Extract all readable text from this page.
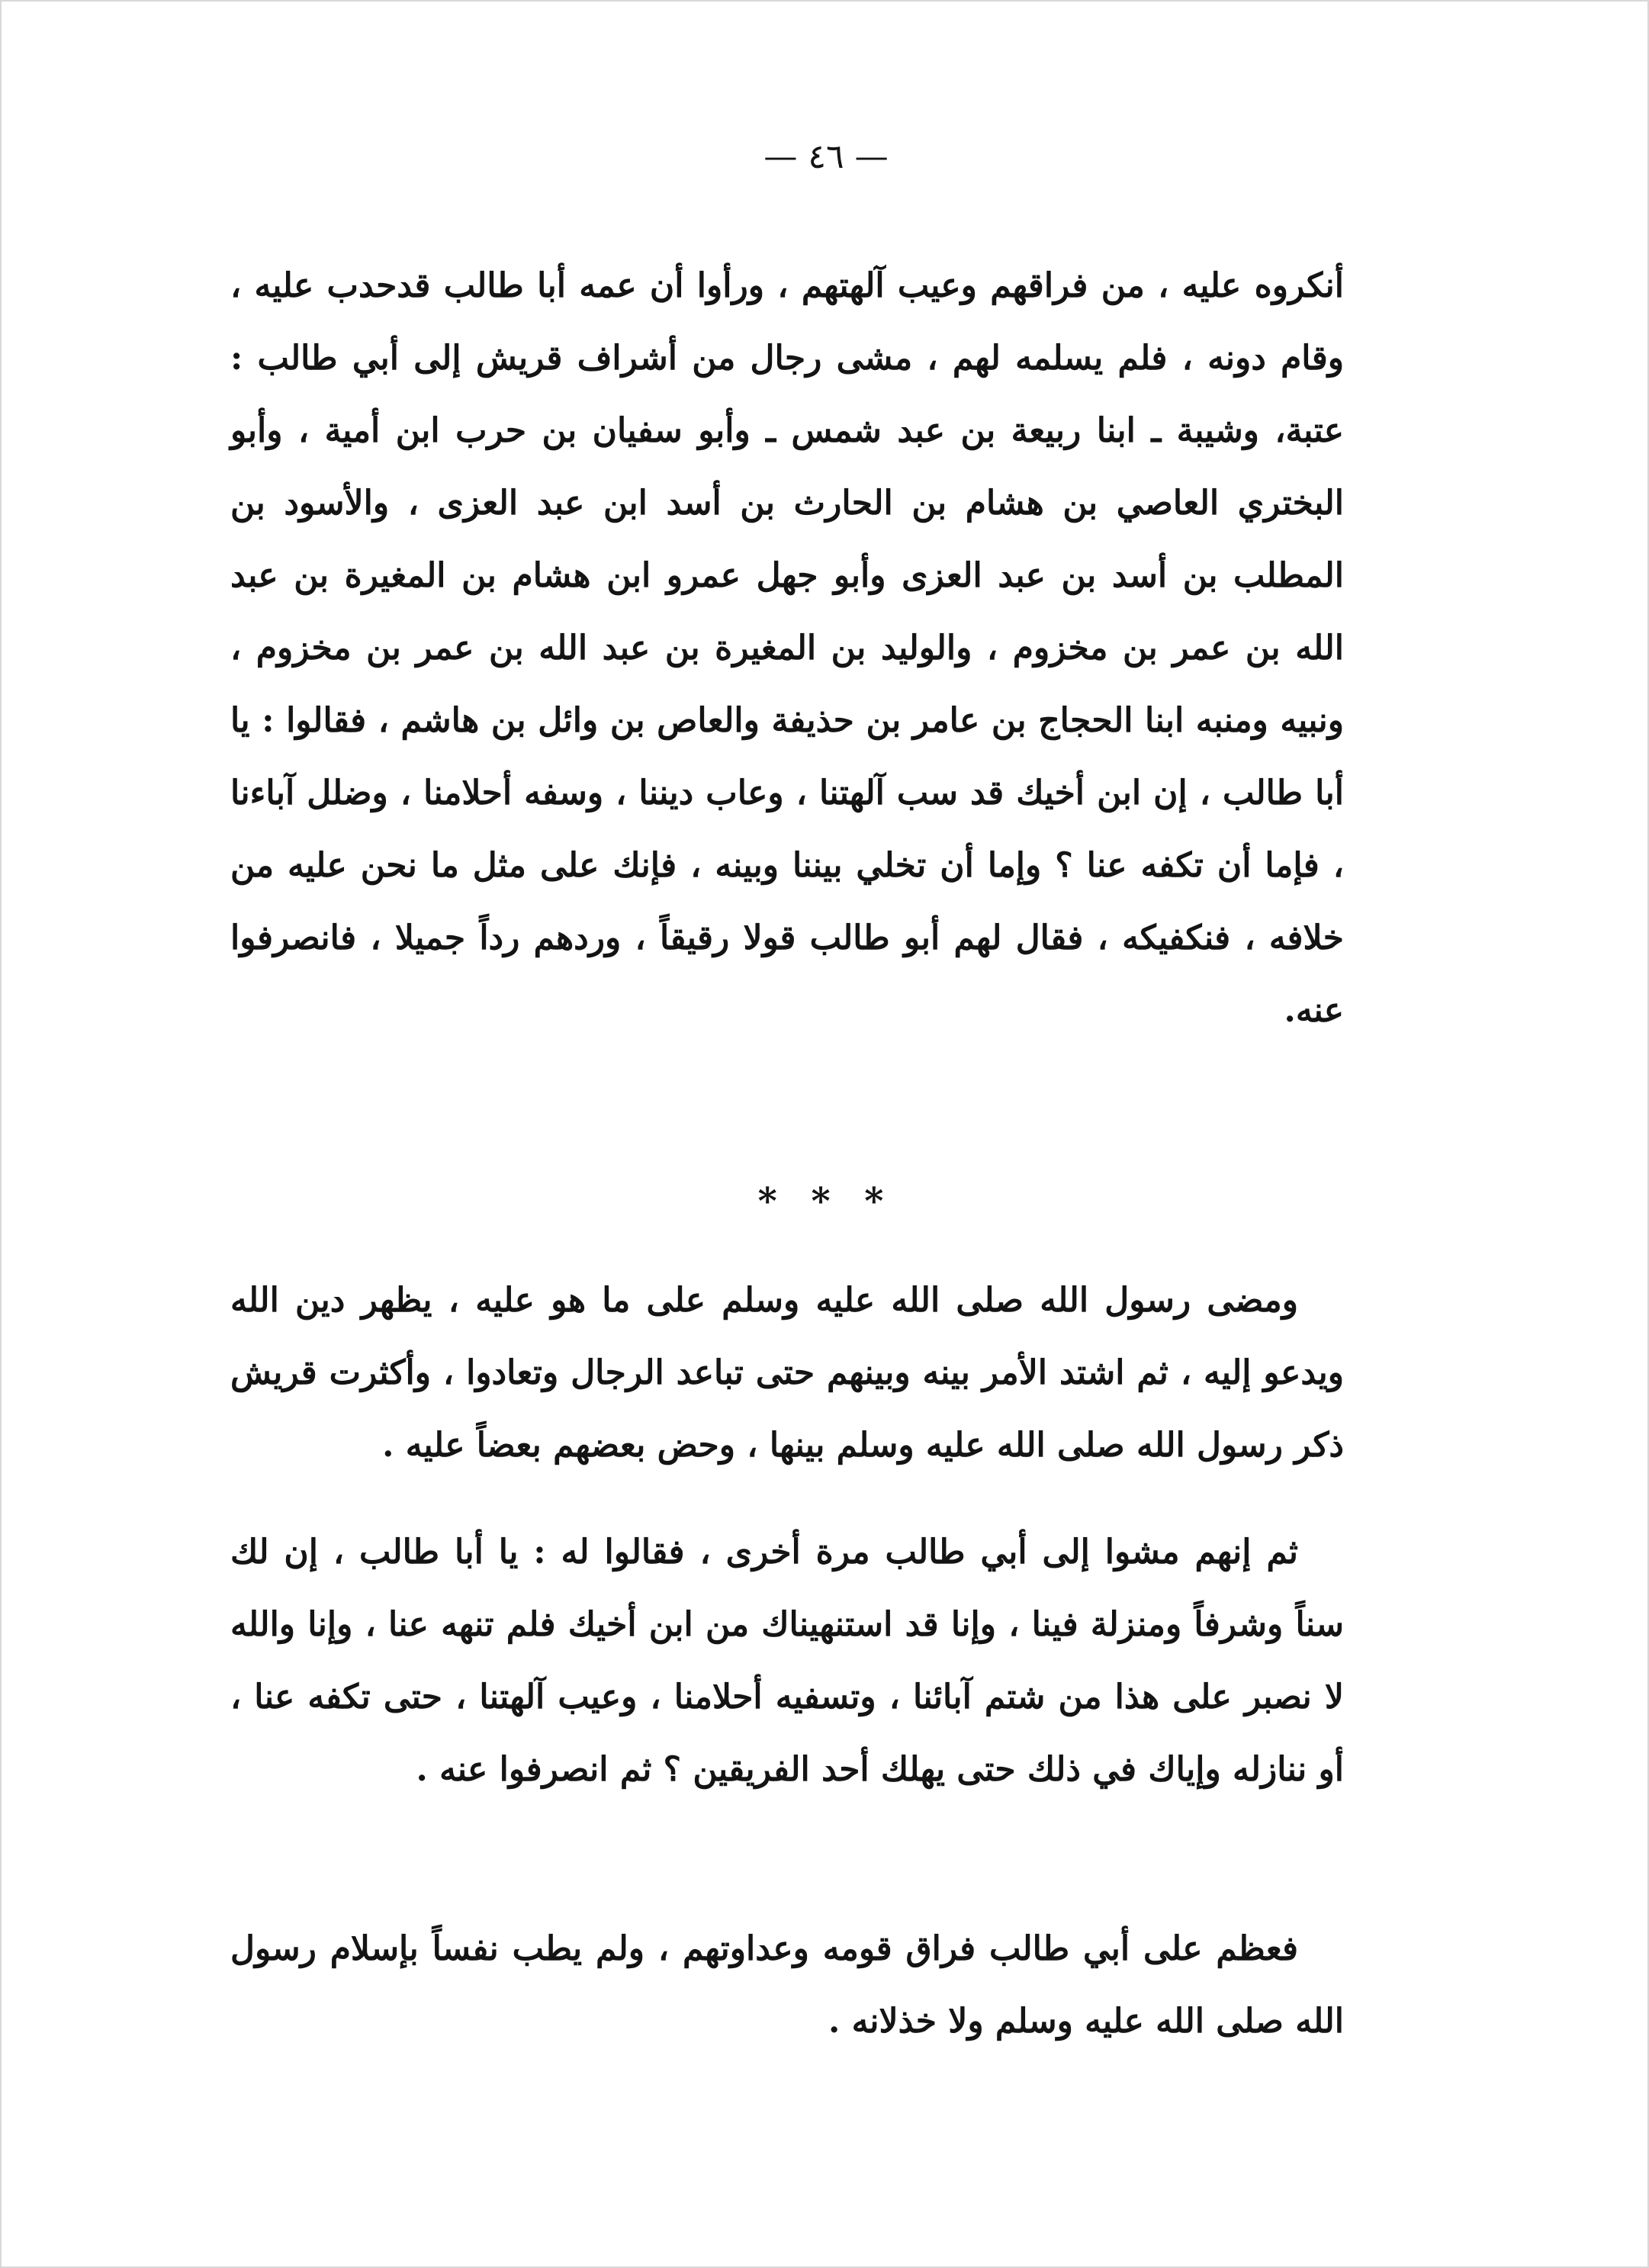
— ٤٦ —

أنكروه عليه ، من فراقهم وعيب آلهتهم ، ورأوا أن عمه أبا طالب قدحدب عليه ، وقام دونه ، فلم يسلمه لهم ، مشى رجال من أشراف قريش إلى أبي طالب : عتبة، وشيبة ـ ابنا ربيعة بن عبد شمس ـ وأبو سفيان بن حرب ابن أمية ، وأبو البختري العاصي بن هشام بن الحارث بن أسد ابن عبد العزى ، والأسود بن المطلب بن أسد بن عبد العزى وأبو جهل عمرو ابن هشام بن المغيرة بن عبد الله بن عمر بن مخزوم ، والوليد بن المغيرة بن عبد الله بن عمر بن مخزوم ، ونبيه ومنبه ابنا الحجاج بن عامر بن حذيفة والعاص بن وائل بن هاشم ، فقالوا : يا أبا طالب ، إن ابن أخيك قد سب آلهتنا ، وعاب ديننا ، وسفه أحلامنا ، وضلل آباءنا ، فإما أن تكفه عنا ؟ وإما أن تخلي بيننا وبينه ، فإنك على مثل ما نحن عليه من خلافه ، فنكفيكه ، فقال لهم أبو طالب قولا رقيقاً ، وردهم رداً جميلا ، فانصرفوا عنه.

* * *

ومضى رسول الله صلى الله عليه وسلم على ما هو عليه ، يظهر دين الله ويدعو إليه ، ثم اشتد الأمر بينه وبينهم حتى تباعد الرجال وتعادوا ، وأكثرت قريش ذكر رسول الله صلى الله عليه وسلم بينها ، وحض بعضهم بعضاً عليه .

ثم إنهم مشوا إلى أبي طالب مرة أخرى ، فقالوا له : يا أبا طالب ، إن لك سناً وشرفاً ومنزلة فينا ، وإنا قد استنهيناك من ابن أخيك فلم تنهه عنا ، وإنا والله لا نصبر على هذا من شتم آبائنا ، وتسفيه أحلامنا ، وعيب آلهتنا ، حتى تكفه عنا ، أو ننازله وإياك في ذلك حتى يهلك أحد الفريقين ؟ ثم انصرفوا عنه .

فعظم على أبي طالب فراق قومه وعداوتهم ، ولم يطب نفساً بإسلام رسول الله صلى الله عليه وسلم ولا خذلانه .
